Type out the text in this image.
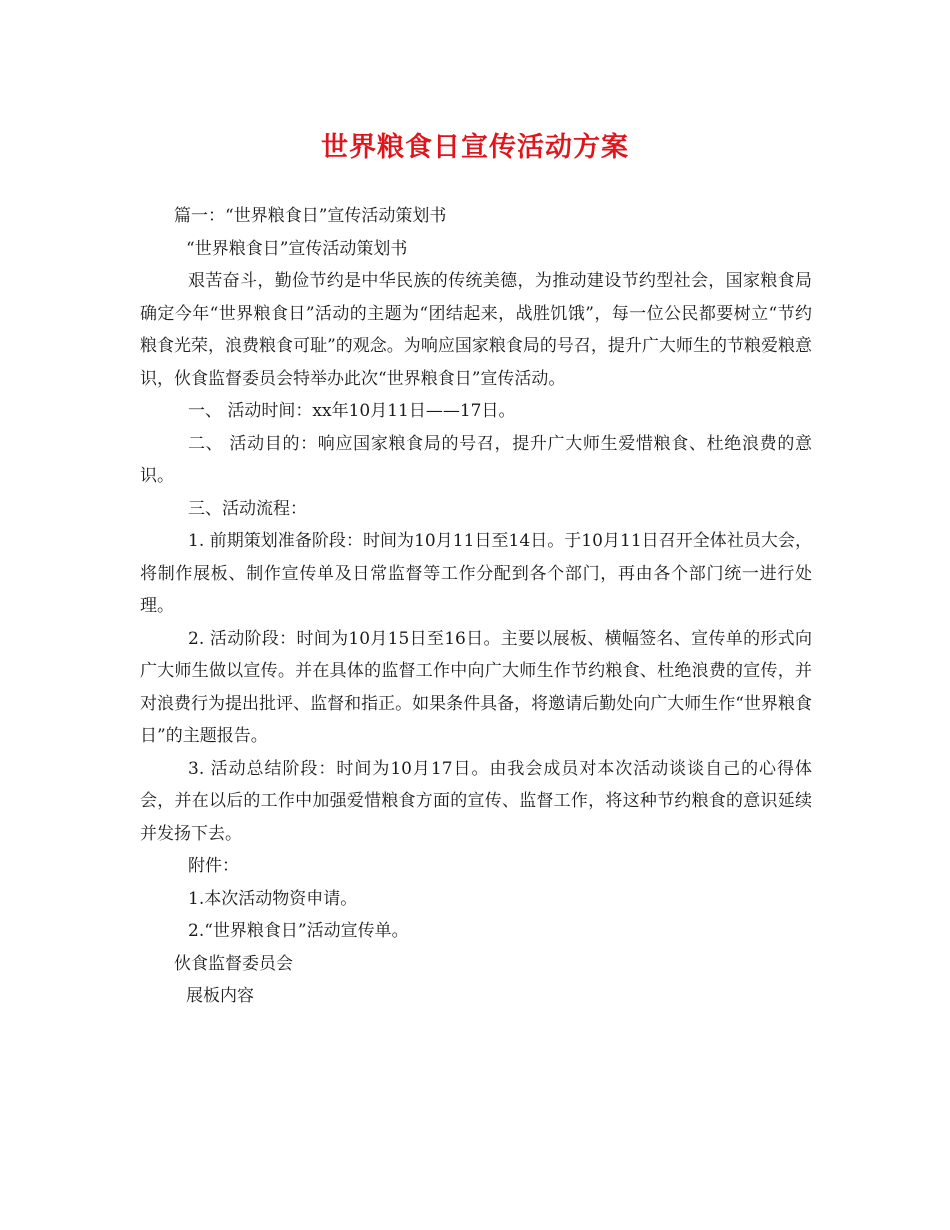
世界粮食日宣传活动方案

篇一：“世界粮食日”宣传活动策划书

“世界粮食日”宣传活动策划书

艰苦奋斗，勤俭节约是中华民族的传统美德，为推动建设节约型社会，国家粮食局确定今年“世界粮食日”活动的主题为“团结起来，战胜饥饿”，每一位公民都要树立“节约粮食光荣，浪费粮食可耻”的观念。为响应国家粮食局的号召，提升广大师生的节粮爱粮意识，伙食监督委员会特举办此次“世界粮食日”宣传活动。

一、 活动时间：xx年10月11日——17日。

二、 活动目的：响应国家粮食局的号召，提升广大师生爱惜粮食、杜绝浪费的意识。

三、活动流程：

1. 前期策划准备阶段：时间为10月11日至14日。于10月11日召开全体社员大会，将制作展板、制作宣传单及日常监督等工作分配到各个部门，再由各个部门统一进行处理。

2. 活动阶段：时间为10月15日至16日。主要以展板、横幅签名、宣传单的形式向广大师生做以宣传。并在具体的监督工作中向广大师生作节约粮食、杜绝浪费的宣传，并对浪费行为提出批评、监督和指正。如果条件具备，将邀请后勤处向广大师生作“世界粮食日”的主题报告。

3. 活动总结阶段：时间为10月17日。由我会成员对本次活动谈谈自己的心得体会，并在以后的工作中加强爱惜粮食方面的宣传、监督工作，将这种节约粮食的意识延续并发扬下去。

附件：

1.本次活动物资申请。

2.“世界粮食日”活动宣传单。

伙食监督委员会

展板内容
